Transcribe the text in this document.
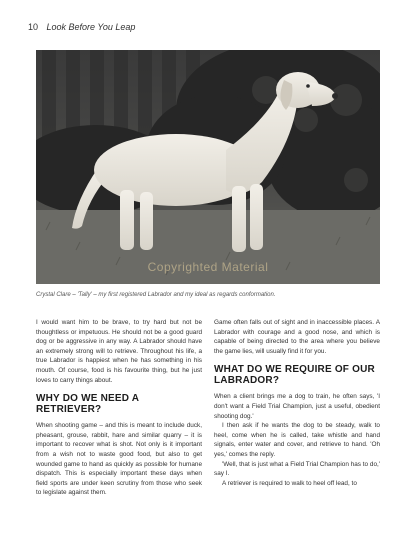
10 Look Before You Leap
Copyrighted Material
Crystal Clare – 'Tally' – my first registered Labrador and my ideal as regards conformation.

I would want him to be brave, to try hard but not be thoughtless or impetuous. He should not be a good guard dog or be aggressive in any way. A Labrador should have an extremely strong will to retrieve. Throughout his life, a true Labrador is happiest when he has something in his mouth. Of course, food is his favourite thing, but he just loves to carry things about.

WHY DO WE NEED A RETRIEVER?

When shooting game – and this is meant to include duck, pheasant, grouse, rabbit, hare and similar quarry – it is important to recover what is shot. Not only is it important from a wish not to waste good food, but also to get wounded game to hand as quickly as possible for humane dispatch. This is especially important these days when field sports are under keen scrutiny from those who seek to legislate against them.

Game often falls out of sight and in inaccessible places. A Labrador with courage and a good nose, and which is capable of being directed to the area where you believe the game lies, will usually find it for you.

WHAT DO WE REQUIRE OF OUR LABRADOR?

When a client brings me a dog to train, he often says, 'I don't want a Field Trial Champion, just a useful, obedient shooting dog.'

I then ask if he wants the dog to be steady, walk to heel, come when he is called, take whistle and hand signals, enter water and cover, and retrieve to hand. 'Oh yes,' comes the reply.

'Well, that is just what a Field Trial Champion has to do,' say I.

A retriever is required to walk to heel off lead, to
